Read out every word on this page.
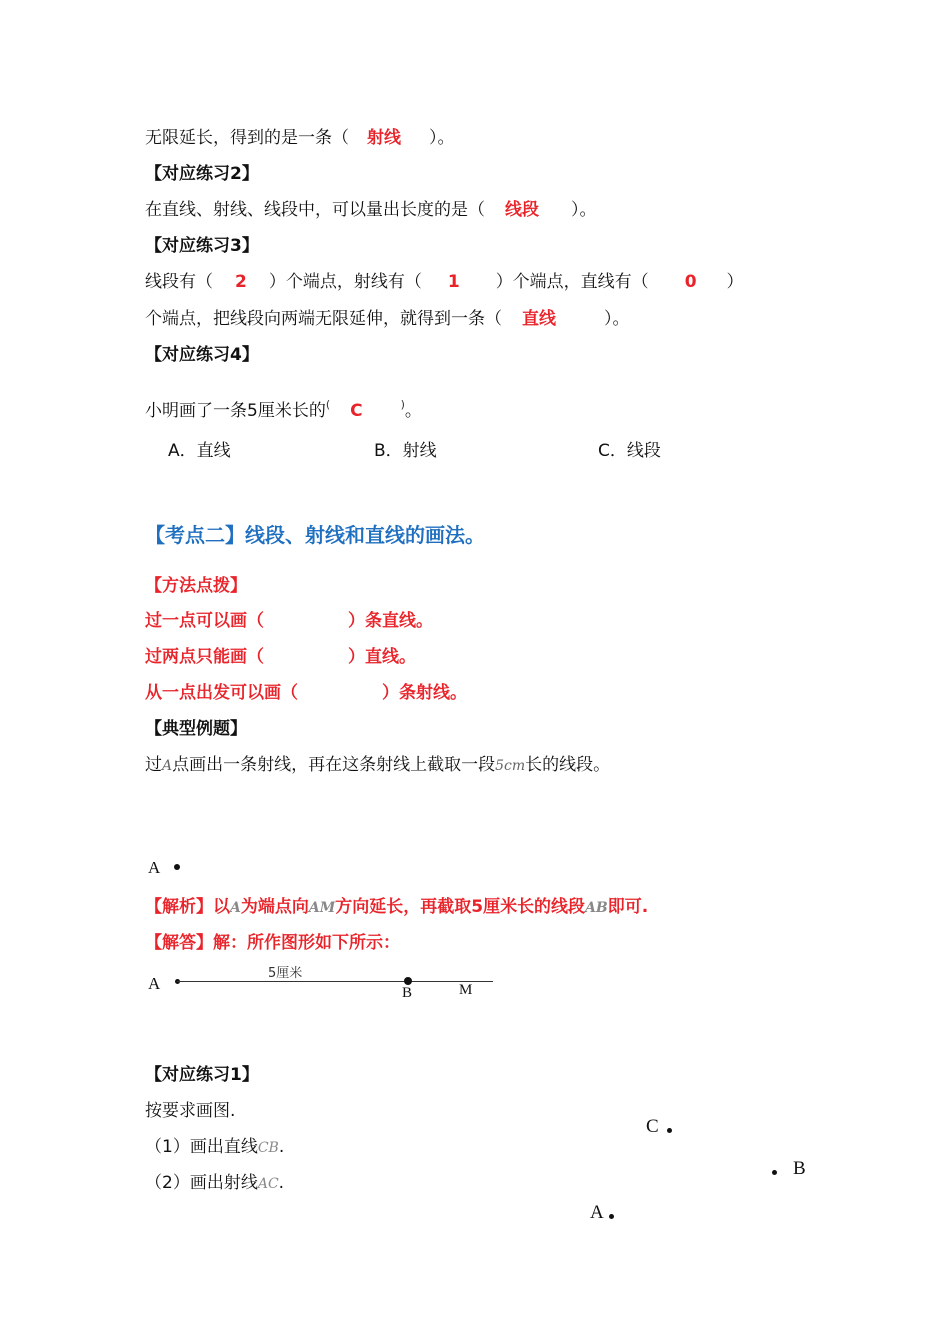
无限延长，得到的是一条（ 射线 ）。
【对应练习2】
在直线、射线、线段中，可以量出长度的是（ 线段 ）。
【对应练习3】
线段有（ 2 ）个端点，射线有（ 1 ）个端点，直线有（ 0 ）
个端点，把线段向两端无限延伸，就得到一条（ 直线	）。
【对应练习4】
小明画了一条5厘米长的( C	)。
A．直线	B．射线	C．线段
【考点二】线段、射线和直线的画法。
【方法点拨】
过一点可以画（	）条直线。
过两点只能画（	）直线。
从一点出发可以画（	）条射线。
【典型例题】
过A点画出一条射线，再在这条射线上截取一段5cm长的线段。
A
【解析】以A为端点向AM方向延长，再截取5厘米长的线段AB即可.
【解答】解：所作图形如下所示：
A
5厘米
B	M
【对应练习1】
按要求画图.
（1）画出直线CB.
（2）画出射线AC.
C
B
A
